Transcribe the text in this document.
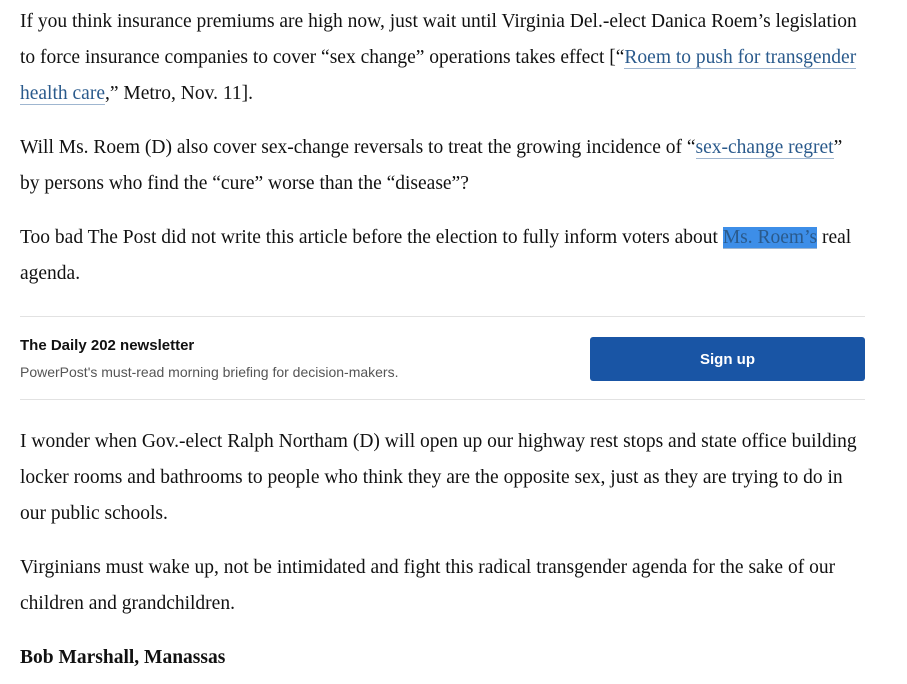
If you think insurance premiums are high now, just wait until Virginia Del.-elect Danica Roem’s legislation to force insurance companies to cover “sex change” operations takes effect [“Roem to push for transgender health care,” Metro, Nov. 11].

Will Ms. Roem (D) also cover sex-change reversals to treat the growing incidence of “sex-change regret” by persons who find the “cure” worse than the “disease”?

Too bad The Post did not write this article before the election to fully inform voters about Ms. Roem’s real agenda.

The Daily 202 newsletter
PowerPost's must-read morning briefing for decision-makers.
Sign up

I wonder when Gov.-elect Ralph Northam (D) will open up our highway rest stops and state office building locker rooms and bathrooms to people who think they are the opposite sex, just as they are trying to do in our public schools.

Virginians must wake up, not be intimidated and fight this radical transgender agenda for the sake of our children and grandchildren.

Bob Marshall, Manassas
